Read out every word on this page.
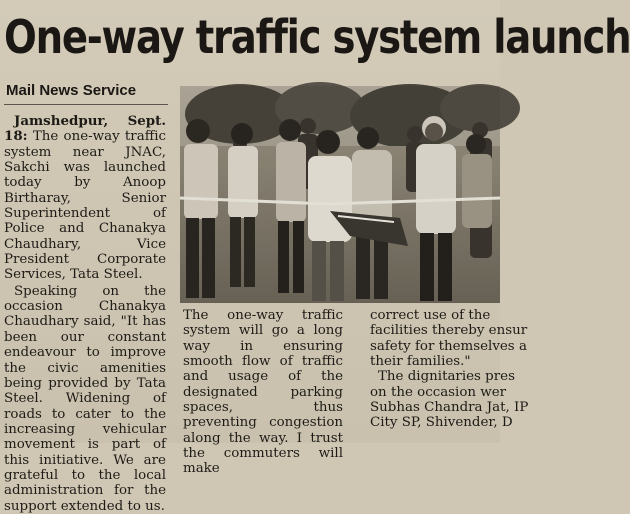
One-way traffic system launch
Mail News Service

Jamshedpur, Sept. 18: The one-way traffic system near JNAC, Sakchi was launched today by Anoop Birtharay, Senior Superintendent of Police and Chanakya Chaudhary, Vice President Corporate Services, Tata Steel.

Speaking on the occasion Chanakya Chaudhary said, "It has been our constant endeavour to improve the civic amenities being provided by Tata Steel. Widening of roads to cater to the increasing vehicular movement is part of this initiative. We are grateful to the local administration for the support extended to us.

The one-way traffic system will go a long way in ensuring smooth flow of traffic and usage of the designated parking spaces, thus preventing congestion along the way. I trust the commuters will make

correct use of the

facilities thereby ensur

safety for themselves a

their families."

The dignitaries pres

on the occasion wer

Subhas Chandra Jat, IP

City SP, Shivender, D
